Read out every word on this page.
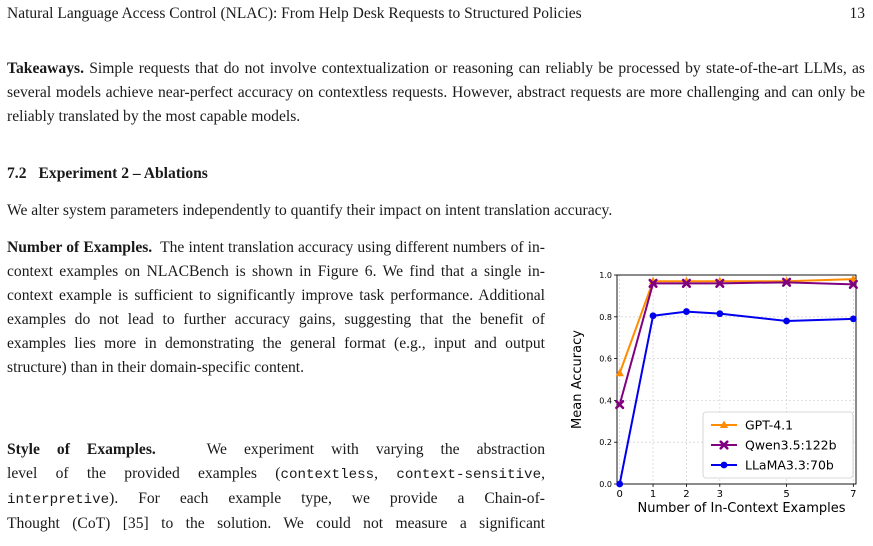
Natural Language Access Control (NLAC): From Help Desk Requests to Structured Policies	13
Takeaways. Simple requests that do not involve contextualization or reasoning can reliably be processed by state-of-the-art LLMs, as several models achieve near-perfect accuracy on contextless requests. However, abstract requests are more challenging and can only be reliably translated by the most capable models.
7.2 Experiment 2 – Ablations
We alter system parameters independently to quantify their impact on intent translation accuracy.
Number of Examples. The intent translation accuracy using different numbers of in-context examples on NLACBench is shown in Figure 6. We find that a single in-context example is sufficient to significantly improve task performance. Additional examples do not lead to further accuracy gains, suggesting that the benefit of examples lies more in demonstrating the general format (e.g., input and output structure) than in their domain-specific content.
Style of Examples.	We experiment with varying the abstraction
level of the provided examples (contextless, context-sensitive,
interpretive). For each example type, we provide a Chain-of-
Thought (CoT) [35] to the solution. We could not measure a significant
0	1	2	3	5	7
0.0
0.2
0.4
0.6
0.8
1.0
Number of In-Context Examples
Mean Accuracy	GPT-4.1
Qwen3.5:122b
LLaMA3.3:70b
